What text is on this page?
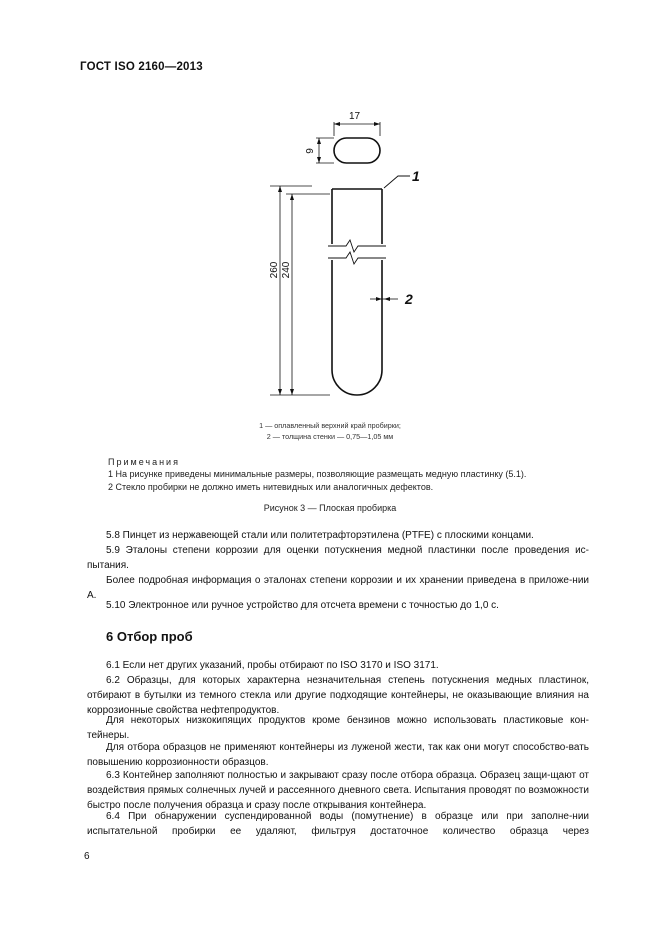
ГОСТ ISO 2160—2013
17
9
260 240
1
2
1 — оплавленный верхний край пробирки;
2 — толщина стенки — 0,75—1,05 мм
Примечания
1 На рисунке приведены минимальные размеры, позволяющие размещать медную пластинку (5.1).
2 Стекло пробирки не должно иметь нитевидных или аналогичных дефектов.
Рисунок 3 — Плоская пробирка
5.8 Пинцет из нержавеющей стали или политетрафторэтилена (PTFE) с плоскими концами.
5.9 Эталоны степени коррозии для оценки потускнения медной пластинки после проведения ис-пытания.
Более подробная информация о эталонах степени коррозии и их хранении приведена в приложе-нии А.
5.10 Электронное или ручное устройство для отсчета времени с точностью до 1,0 с.
6 Отбор проб
6.1 Если нет других указаний, пробы отбирают по ISO 3170 и ISO 3171.
6.2 Образцы, для которых характерна незначительная степень потускнения медных пластинок, отбирают в бутылки из темного стекла или другие подходящие контейнеры, не оказывающие влияния на коррозионные свойства нефтепродуктов.
Для некоторых низкокипящих продуктов кроме бензинов можно использовать пластиковые кон-тейнеры.
Для отбора образцов не применяют контейнеры из луженой жести, так как они могут способство-вать повышению коррозионности образцов.
6.3 Контейнер заполняют полностью и закрывают сразу после отбора образца. Образец защи-щают от воздействия прямых солнечных лучей и рассеянного дневного света. Испытания проводят по возможности быстро после получения образца и сразу после открывания контейнера.
6.4 При обнаружении суспендированной воды (помутнение) в образце или при заполне-нии испытательной пробирки ее удаляют, фильтруя достаточное количество образца через
6
